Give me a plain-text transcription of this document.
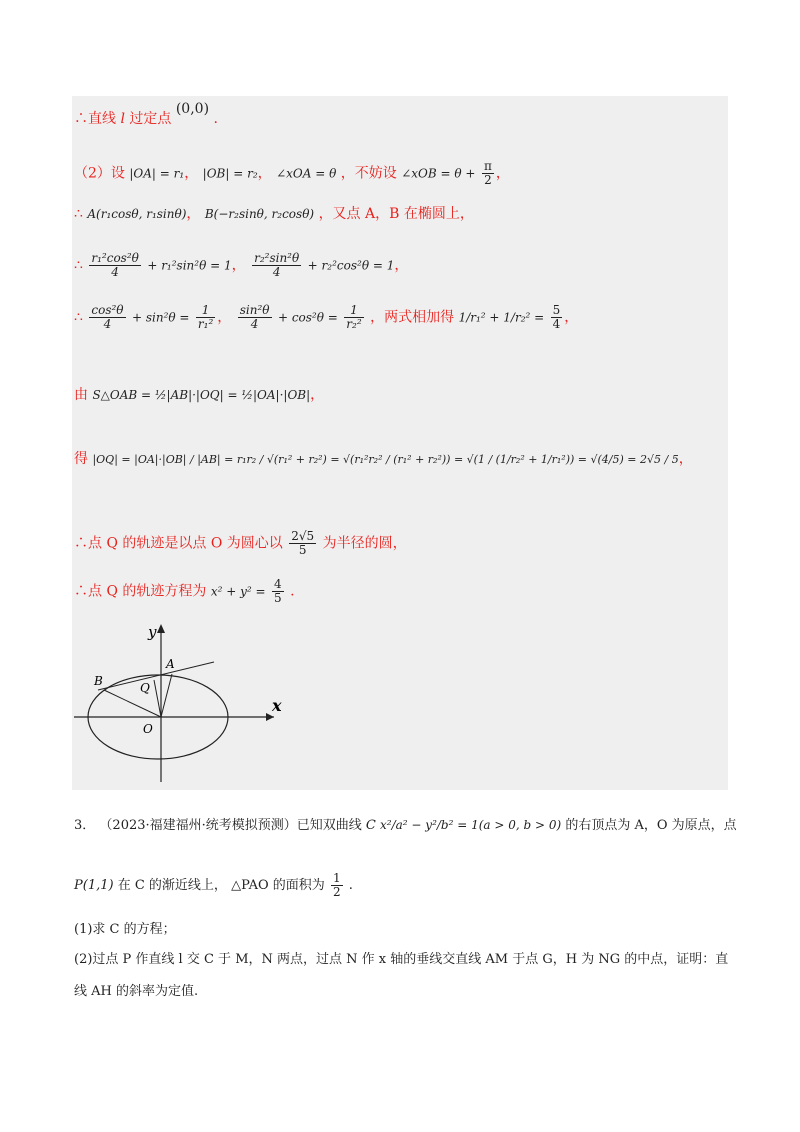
∴直线 l 过定点 (0,0) .
（2）设 |OA| = r₁， |OB| = r₂， ∠xOA = θ ，不妨设 ∠xOB = $\theta + \frac{\pi}{2}$ ，
∴ A(r₁cosθ, r₁sinθ)， B(−r₂sinθ, r₂cosθ) ，又点 A，B 在椭圆上，
∴ $\frac{\text{r₁²cos²θ}}{4} + r_1^2\sin^2\theta = 1$， $\frac{\text{r₂²sin²θ}}{4} + r_2^2\cos^2\theta = 1$，
∴ $\frac{\text{cos²θ}}{4} + \sin^2\theta = \frac{1}{\text{r₁²}}$ ， $\frac{\text{sin²θ}}{4} + \cos^2\theta = \frac{1}{\text{r₂²}}$ ，两式相加得 $1/r_1^2 + 1/r_2^2 = \frac{5}{4}$ ，
由 S△OAB = ½|AB|·|OQ| = ½|OA|·|OB|，
得 |OQ| = |OA|·|OB| / |AB| = r₁r₂ / √(r₁² + r₂²) = √(r₁²r₂² / (r₁² + r₂²)) = √(1 / (1/r₂² + 1/r₁²)) = √(4/5) = 2√5 / 5，
∴点 Q 的轨迹是以点 O 为圆心以 $\frac{2√5}{5}$ 为半径的圆，
∴点 Q 的轨迹方程为 $x^2 + y^2 = \frac{4}{5}$ .
y
x
A
B	Q
O
3． （2023·福建福州·统考模拟预测）已知双曲线 C x²/a² − y²/b² = 1(a > 0, b > 0) 的右顶点为 A，O 为原点，点
P(1,1) 在 C 的渐近线上， △PAO 的面积为 $\frac{1}{2}$ .
(1)求 C 的方程；
(2)过点 P 作直线 l 交 C 于 M，N 两点，过点 N 作 x 轴的垂线交直线 AM 于点 G，H 为 NG 的中点，证明：直
线 AH 的斜率为定值.
